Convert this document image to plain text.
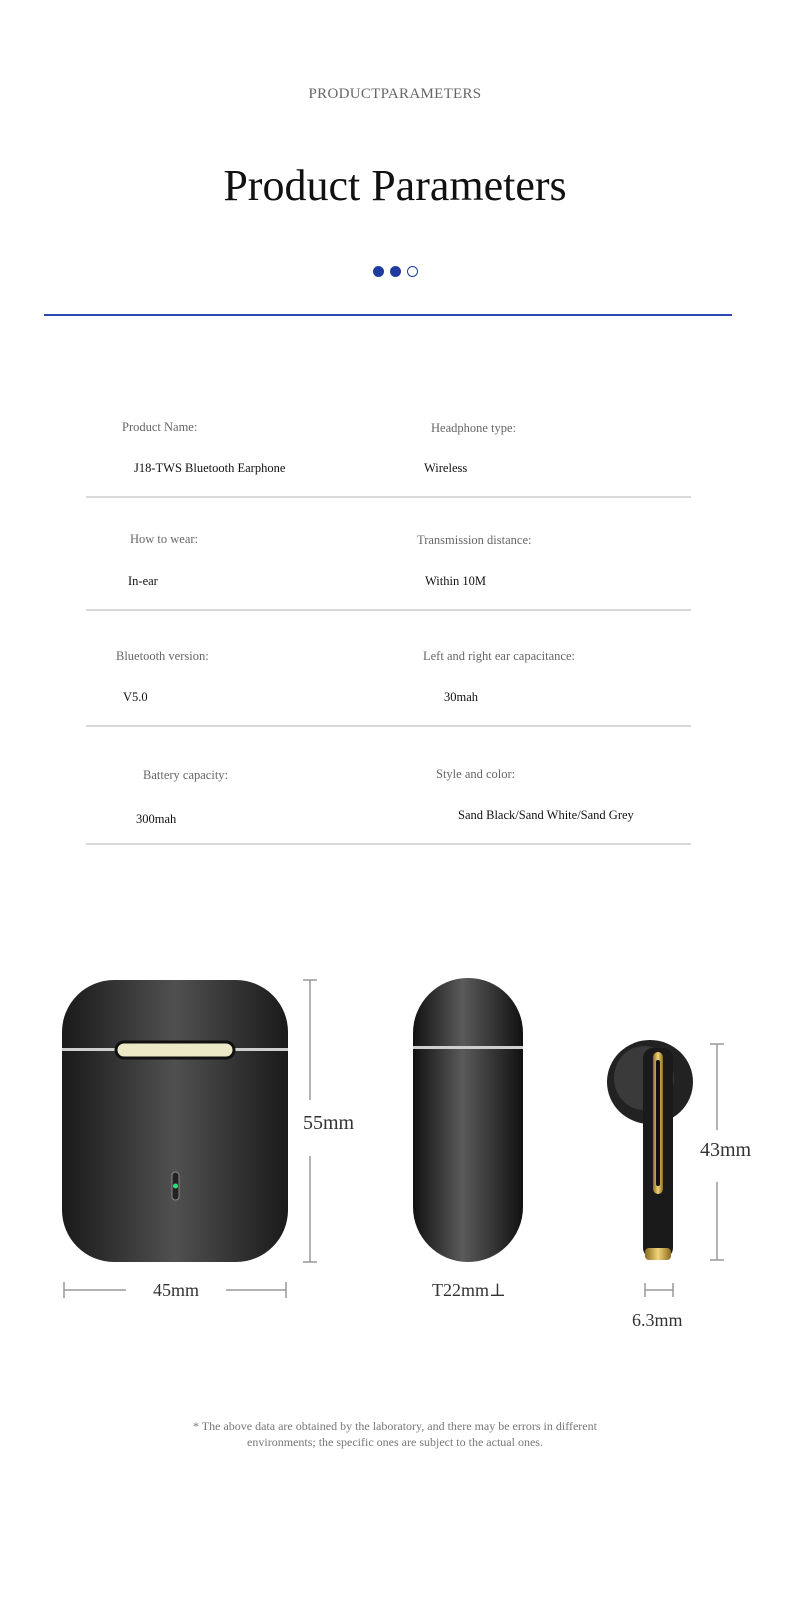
PRODUCTPARAMETERS
Product Parameters
Product Name:
J18-TWS Bluetooth Earphone
Headphone type:
Wireless
How to wear:
In-ear
Transmission distance:
Within 10M
Bluetooth version:
V5.0
Left and right ear capacitance:
30mah
Battery capacity:
300mah
Style and color:
Sand Black/Sand White/Sand Grey
55mm
45mm	T22mm⊥
43mm
6.3mm
* The above data are obtained by the laboratory, and there may be errors in different
environments; the specific ones are subject to the actual ones.
